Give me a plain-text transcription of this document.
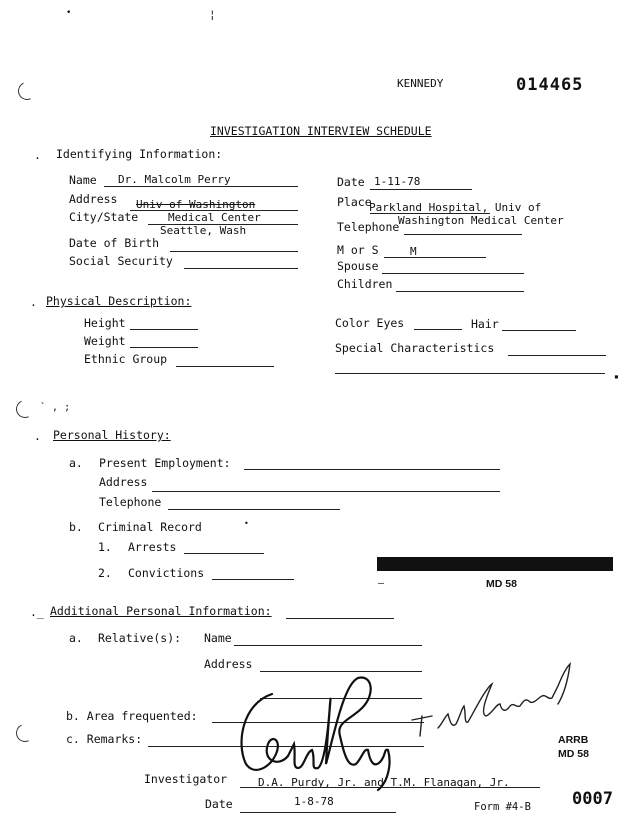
•	¦
KENNEDY	014465
INVESTIGATION INTERVIEW SCHEDULE
. Identifying Information:
Name Dr. Malcolm Perry
Address Univ of Washington
City/State	Medical Center
Seattle, Wash
Date of Birth
Social Security
Date 1-11-78
Place
Parkland Hospital, Univ of
Washington Medical Center
Telephone
M or S	M
Spouse
Children
. Physical Description:
Height
Weight
Ethnic Group
Color Eyes	Hair
Special Characteristics
▪
` , ;
. Personal History:
a. Present Employment:
Address
Telephone
b. Criminal Record	•
1. Arrests
2. Convictions
–	MD 58
._ Additional Personal Information:
a. Relative(s): Name
Address
b. Area frequented:
c. Remarks:
Investigator	D.A. Purdy, Jr. and T.M. Flanagan, Jr.
Date	1-8-78	Form #4-B
ARRB
MD 58
0007
